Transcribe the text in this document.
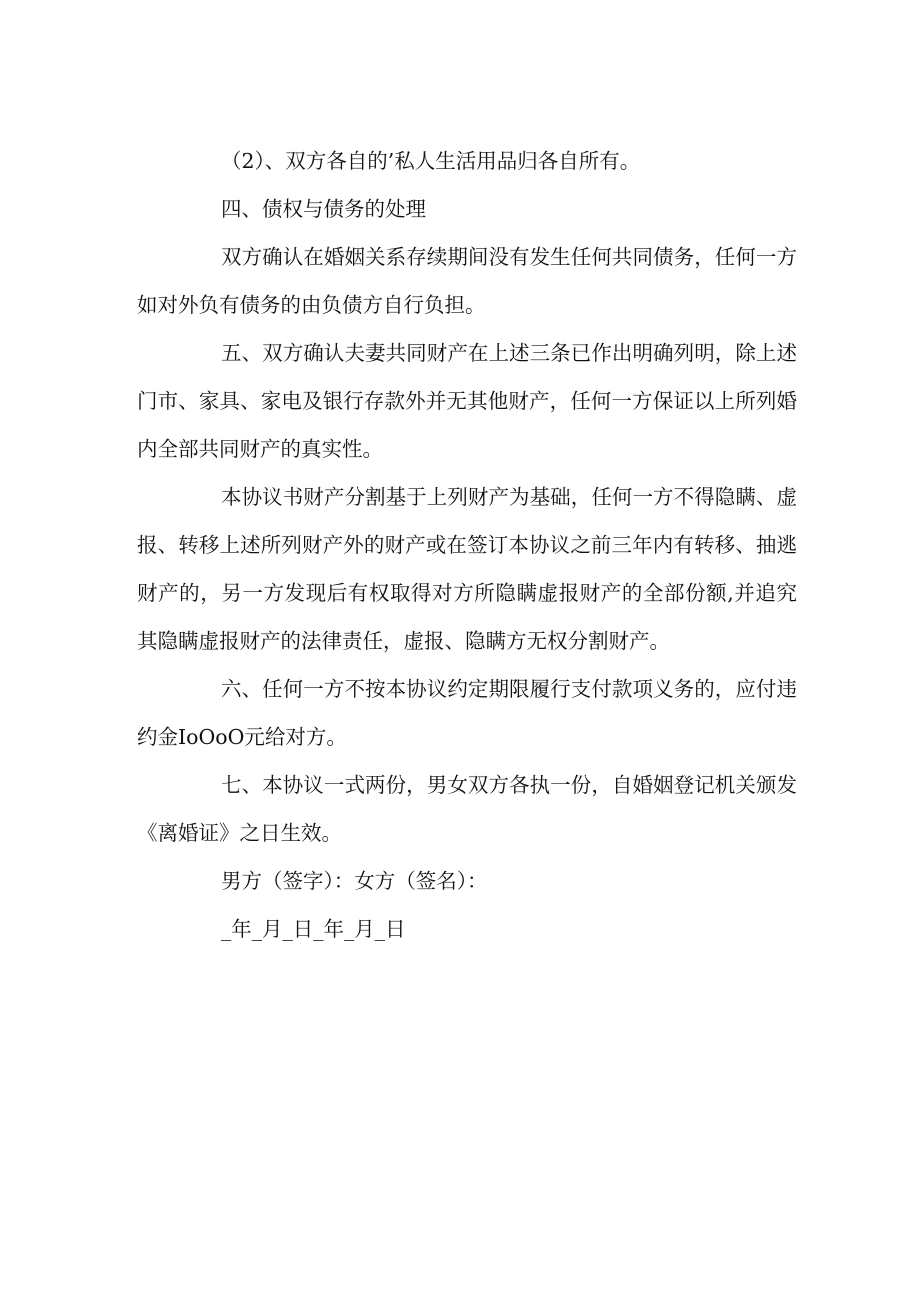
（2）、双方各自的’私人生活用品归各自所有。

四、债权与债务的处理

双方确认在婚姻关系存续期间没有发生任何共同债务，任何一方如对外负有债务的由负债方自行负担。

五、双方确认夫妻共同财产在上述三条已作出明确列明，除上述门市、家具、家电及银行存款外并无其他财产，任何一方保证以上所列婚内全部共同财产的真实性。

本协议书财产分割基于上列财产为基础，任何一方不得隐瞒、虚报、转移上述所列财产外的财产或在签订本协议之前三年内有转移、抽逃财产的，另一方发现后有权取得对方所隐瞒虚报财产的全部份额,并追究其隐瞒虚报财产的法律责任，虚报、隐瞒方无权分割财产。

六、任何一方不按本协议约定期限履行支付款项义务的，应付违约金IoOoO元给对方。

七、本协议一式两份，男女双方各执一份，自婚姻登记机关颁发《离婚证》之日生效。

男方（签字）：女方（签名）：

_年_月_日_年_月_日
